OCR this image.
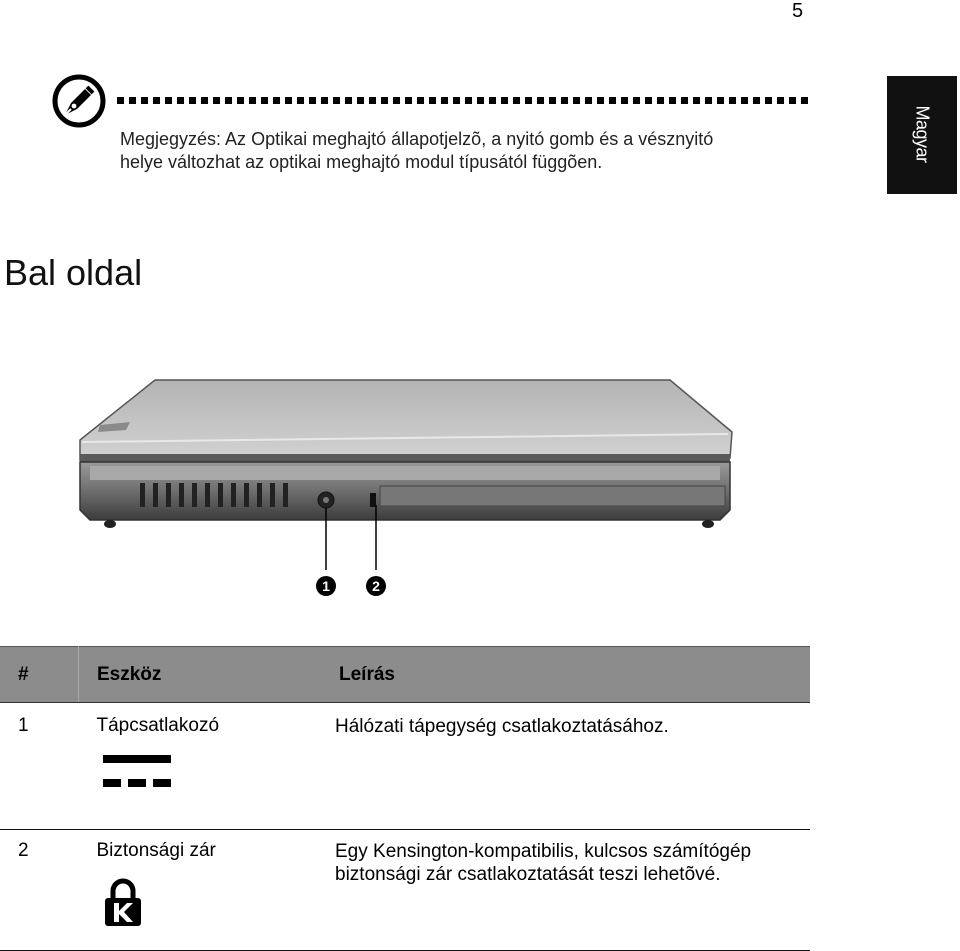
5
Megjegyzés: Az Optikai meghajtó állapotjelzõ, a nyitó gomb és a vésznyitó helye változhat az optikai meghajtó modul típusától függõen.	Magyar
Bal oldal
1	2
#	Eszköz	Leírás
1	Tápcsatlakozó	Hálózati tápegység csatlakoztatásához.
2	Biztonsági zár	Egy Kensington-kompatibilis, kulcsos számítógép biztonsági zár csatlakoztatását teszi lehetõvé.
